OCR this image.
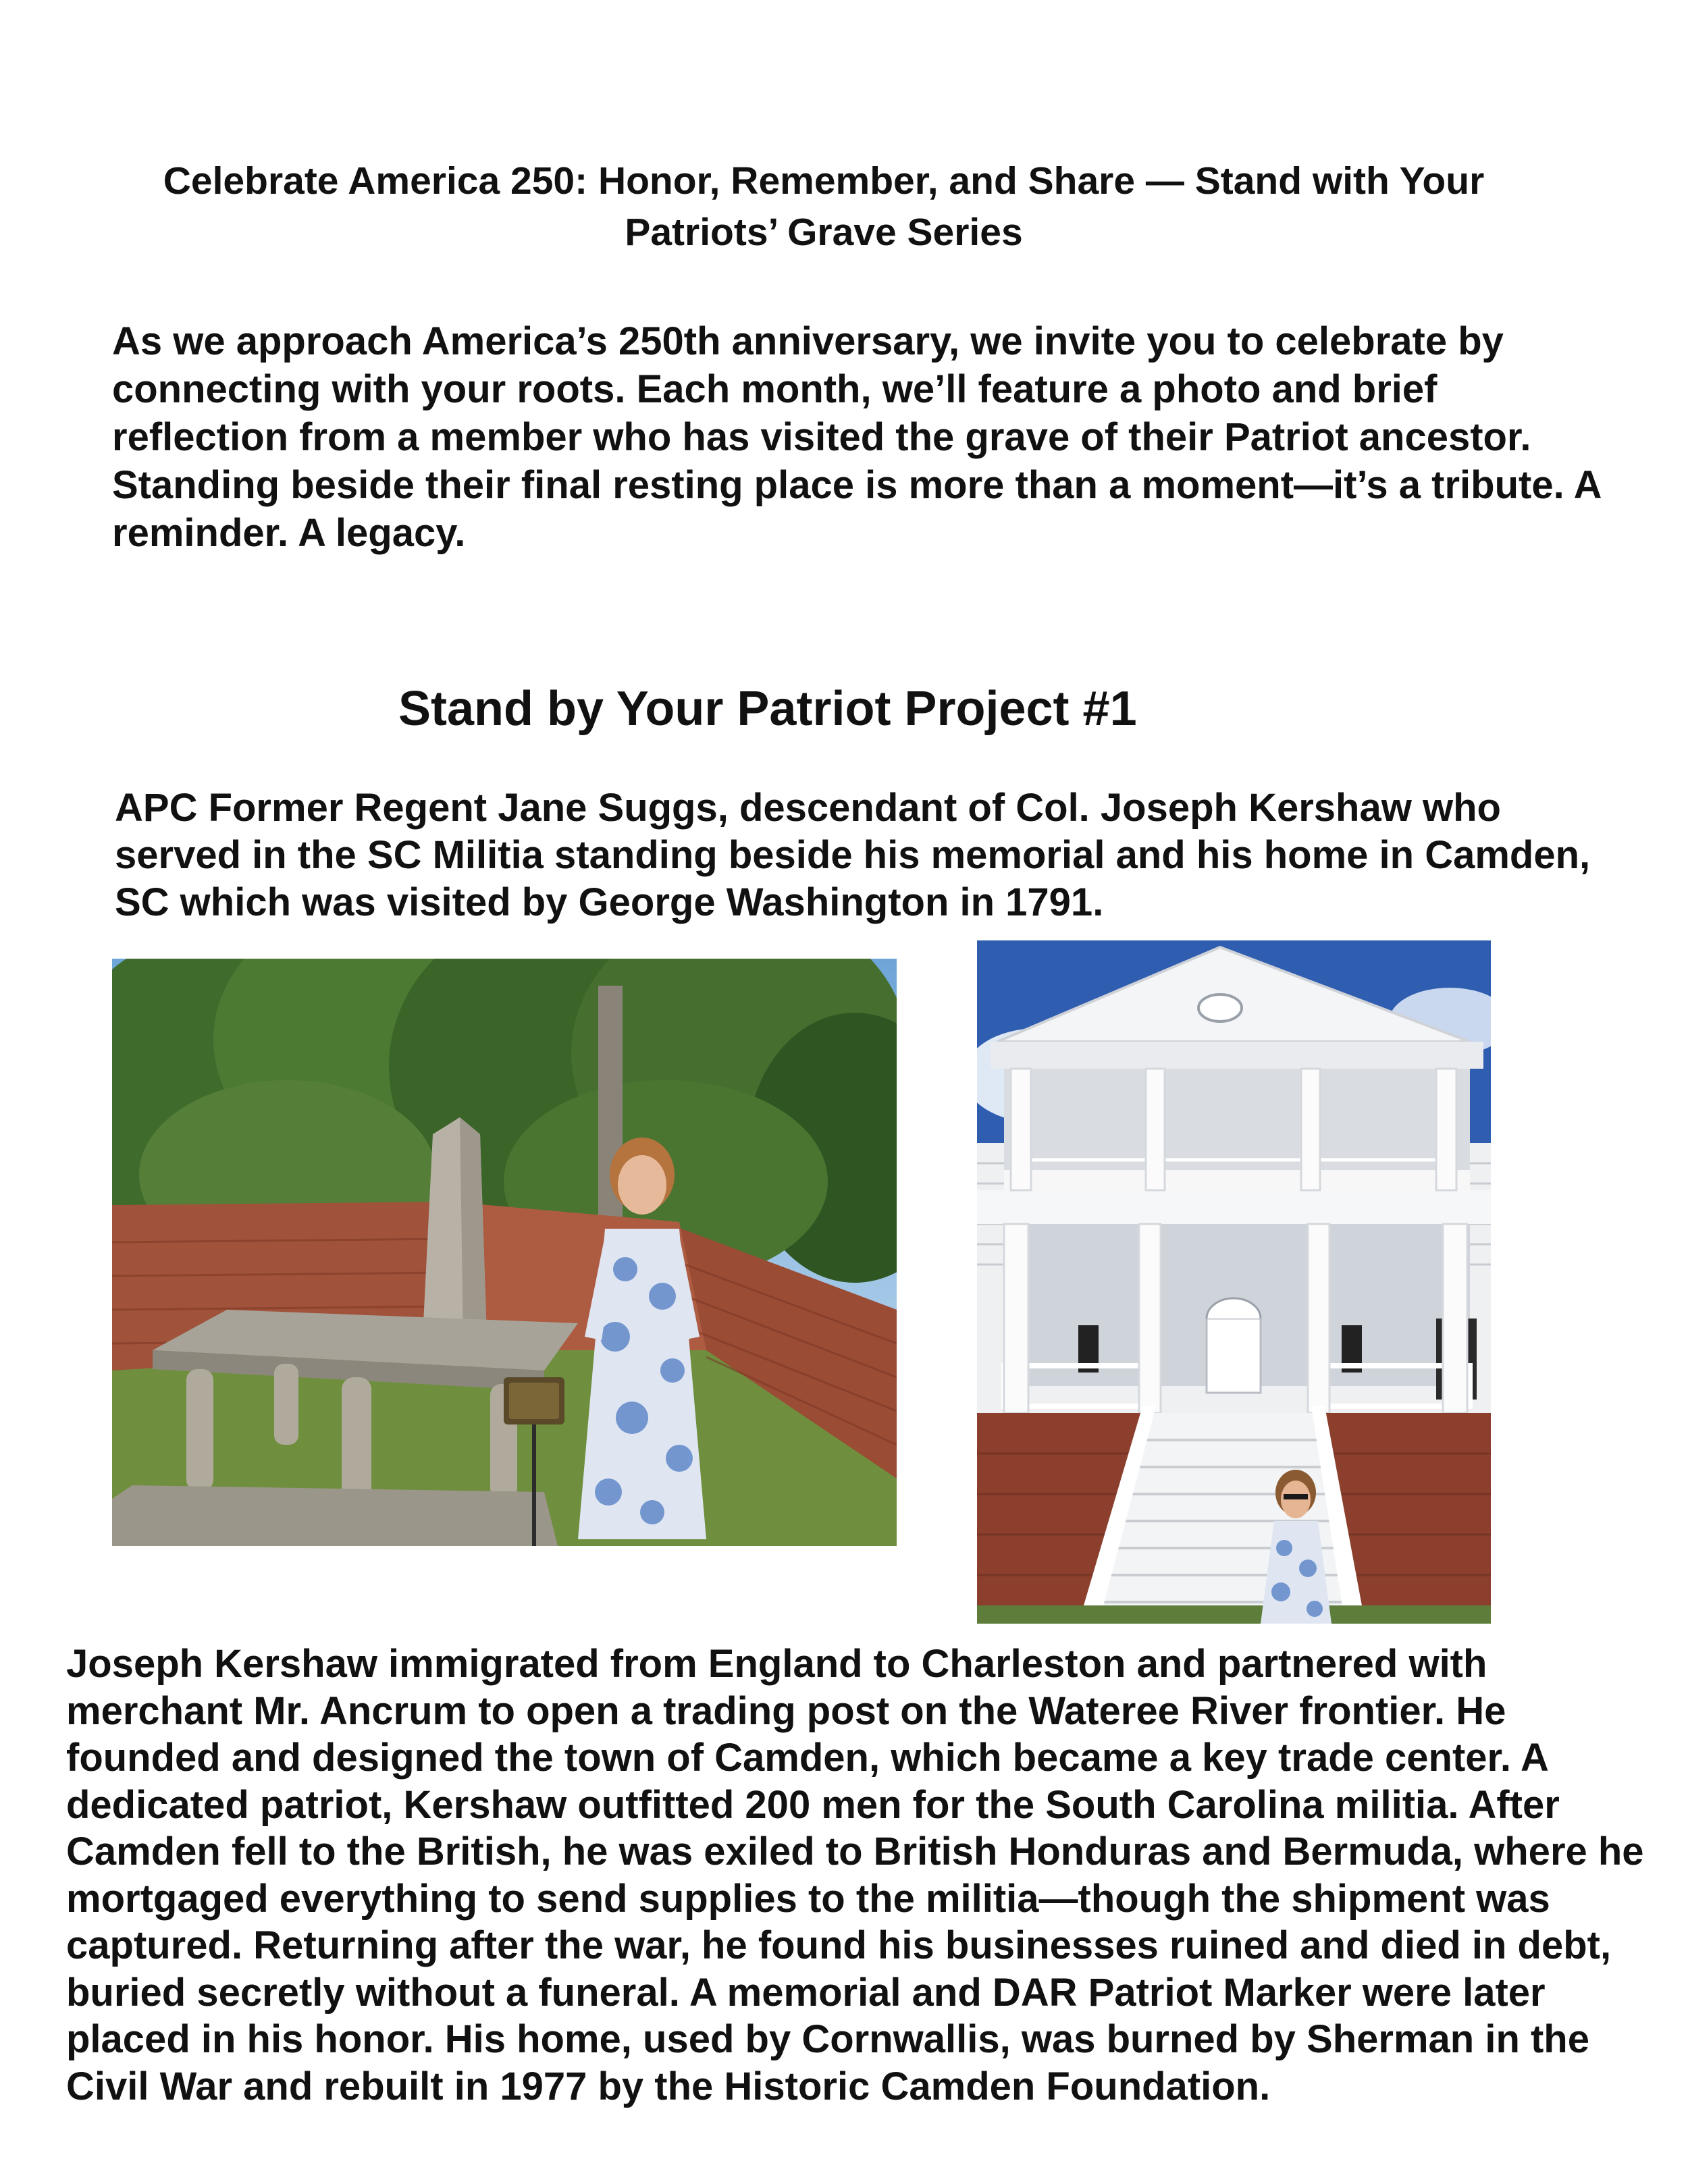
Celebrate America 250: Honor, Remember, and Share — Stand with Your
Patriots’ Grave Series

As we approach America’s 250th anniversary, we invite you to celebrate by connecting with your roots. Each month, we’ll feature a photo and brief reflection from a member who has visited the grave of their Patriot ancestor.

Standing beside their final resting place is more than a moment—it’s a tribute. A reminder. A legacy.

Stand by Your Patriot Project #1
APC Former Regent Jane Suggs, descendant of Col. Joseph Kershaw who served in the SC Militia standing beside his memorial and his home in Camden, SC which was visited by George Washington in 1791.
Joseph Kershaw immigrated from England to Charleston and partnered with merchant Mr. Ancrum to open a trading post on the Wateree River frontier. He founded and designed the town of Camden, which became a key trade center. A dedicated patriot, Kershaw outfitted 200 men for the South Carolina militia. After Camden fell to the British, he was exiled to British Honduras and Bermuda, where he mortgaged everything to send supplies to the militia—though the shipment was captured. Returning after the war, he found his businesses ruined and died in debt, buried secretly without a funeral. A memorial and DAR Patriot Marker were later placed in his honor. His home, used by Cornwallis, was burned by Sherman in the Civil War and rebuilt in 1977 by the Historic Camden Foundation.
